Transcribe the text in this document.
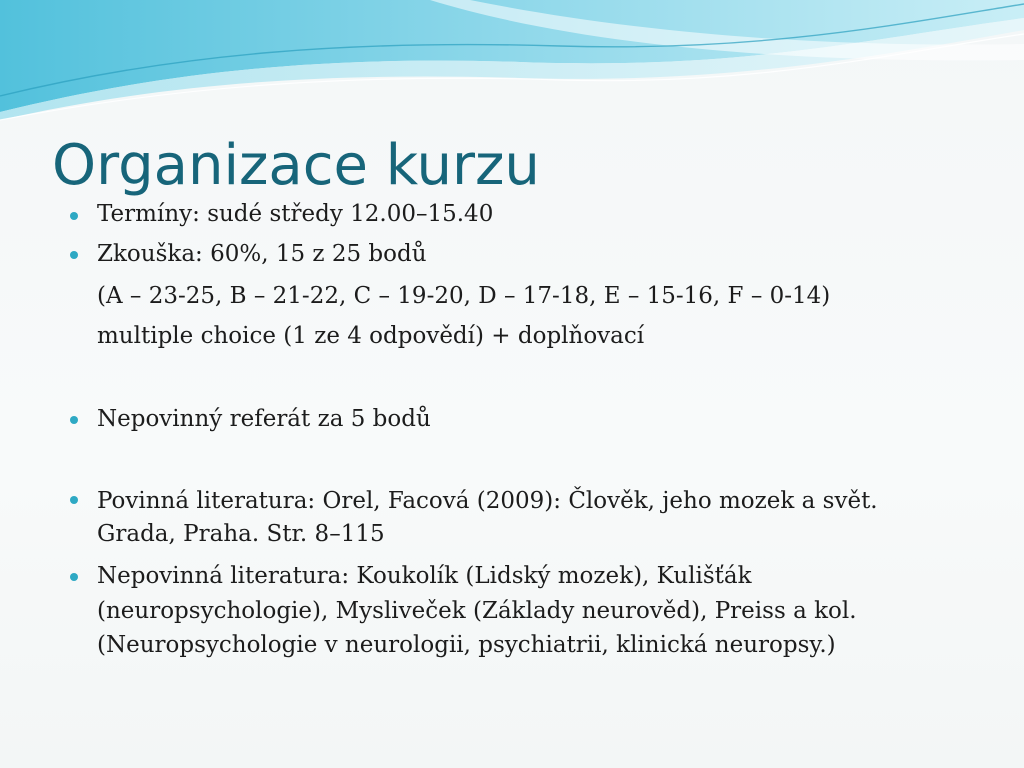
Organizace kurzu

Termíny: sudé středy 12.00–15.40

Zkouška: 60%, 15 z 25 bodů

(A – 23-25, B – 21-22, C – 19-20, D – 17-18, E – 15-16, F – 0-14)

multiple choice (1 ze 4 odpovědí) + doplňovací

Nepovinný referát za 5 bodů

Povinná literatura: Orel, Facová (2009): Člověk, jeho mozek a svět.

Grada, Praha. Str. 8–115

Nepovinná literatura: Koukolík (Lidský mozek), Kulišťák

(neuropsychologie), Mysliveček (Základy neurověd), Preiss a kol.

(Neuropsychologie v neurologii, psychiatrii, klinická neuropsy.)
